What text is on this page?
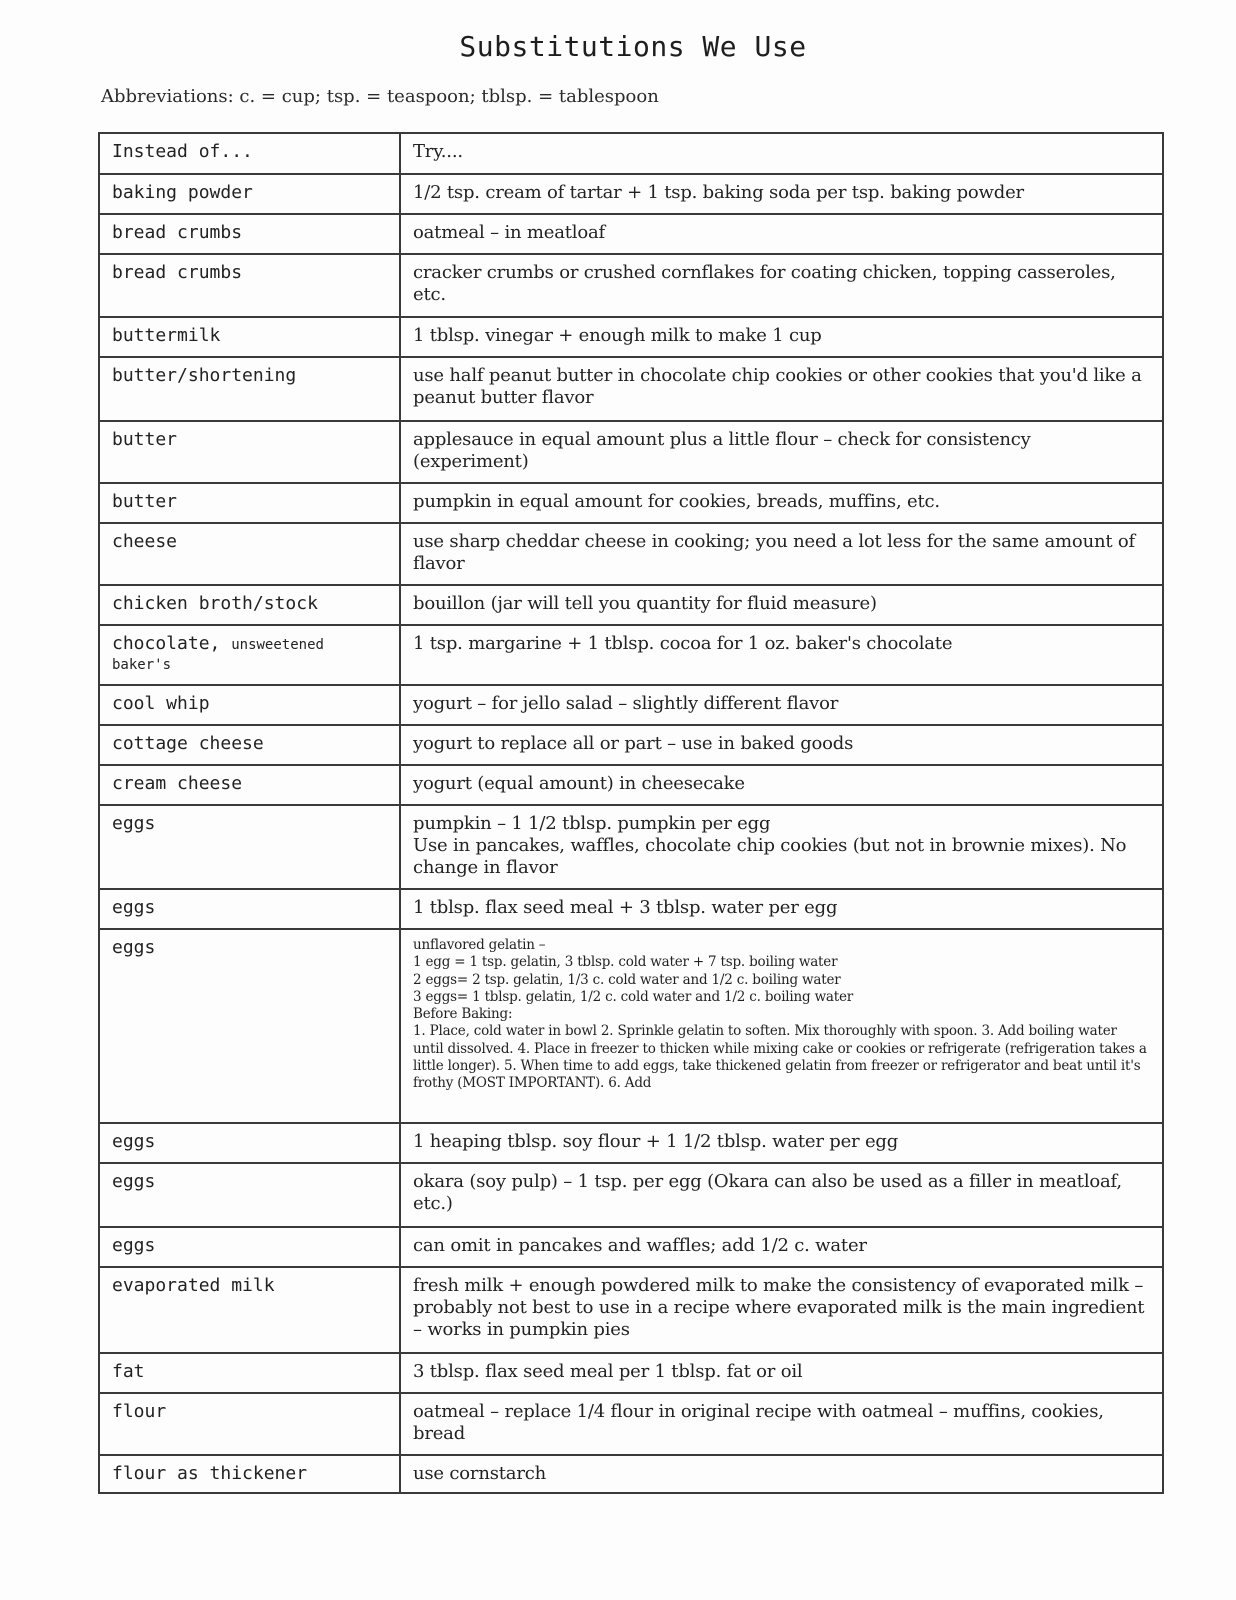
Substitutions We Use
Abbreviations: c. = cup; tsp. = teaspoon; tblsp. = tablespoon
Instead of...	Try....
baking powder	1/2 tsp. cream of tartar + 1 tsp. baking soda per tsp. baking powder
bread crumbs	oatmeal – in meatloaf
bread crumbs	cracker crumbs or crushed cornflakes for coating chicken, topping casseroles, etc.
buttermilk	1 tblsp. vinegar + enough milk to make 1 cup
butter/shortening	use half peanut butter in chocolate chip cookies or other cookies that you'd like a peanut butter flavor
butter	applesauce in equal amount plus a little flour – check for consistency (experiment)
butter	pumpkin in equal amount for cookies, breads, muffins, etc.
cheese	use sharp cheddar cheese in cooking; you need a lot less for the same amount of flavor
chicken broth/stock	bouillon (jar will tell you quantity for fluid measure)
chocolate, unsweetened
baker's	1 tsp. margarine + 1 tblsp. cocoa for 1 oz. baker's chocolate
cool whip	yogurt – for jello salad – slightly different flavor
cottage cheese	yogurt to replace all or part – use in baked goods
cream cheese	yogurt (equal amount) in cheesecake
eggs	pumpkin – 1 1/2 tblsp. pumpkin per egg
Use in pancakes, waffles, chocolate chip cookies (but not in brownie mixes). No change in flavor

eggs	1 tblsp. flax seed meal + 3 tblsp. water per egg
eggs	unflavored gelatin –
1 egg = 1 tsp. gelatin, 3 tblsp. cold water + 7 tsp. boiling water
2 eggs= 2 tsp. gelatin, 1/3 c. cold water and 1/2 c. boiling water
3 eggs= 1 tblsp. gelatin, 1/2 c. cold water and 1/2 c. boiling water
Before Baking:
1. Place, cold water in bowl 2. Sprinkle gelatin to soften. Mix thoroughly with spoon. 3. Add boiling water until dissolved. 4. Place in freezer to thicken while mixing cake or cookies or refrigerate (refrigeration takes a little longer). 5. When time to add eggs, take thickened gelatin from freezer or refrigerator and beat until it's frothy (MOST IMPORTANT). 6. Add

eggs	1 heaping tblsp. soy flour + 1 1/2 tblsp. water per egg
eggs	okara (soy pulp) – 1 tsp. per egg (Okara can also be used as a filler in meatloaf, etc.)
eggs	can omit in pancakes and waffles; add 1/2 c. water
evaporated milk	fresh milk + enough powdered milk to make the consistency of evaporated milk – probably not best to use in a recipe where evaporated milk is the main ingredient – works in pumpkin pies
fat	3 tblsp. flax seed meal per 1 tblsp. fat or oil
flour	oatmeal – replace 1/4 flour in original recipe with oatmeal – muffins, cookies, bread
flour as thickener	use cornstarch
